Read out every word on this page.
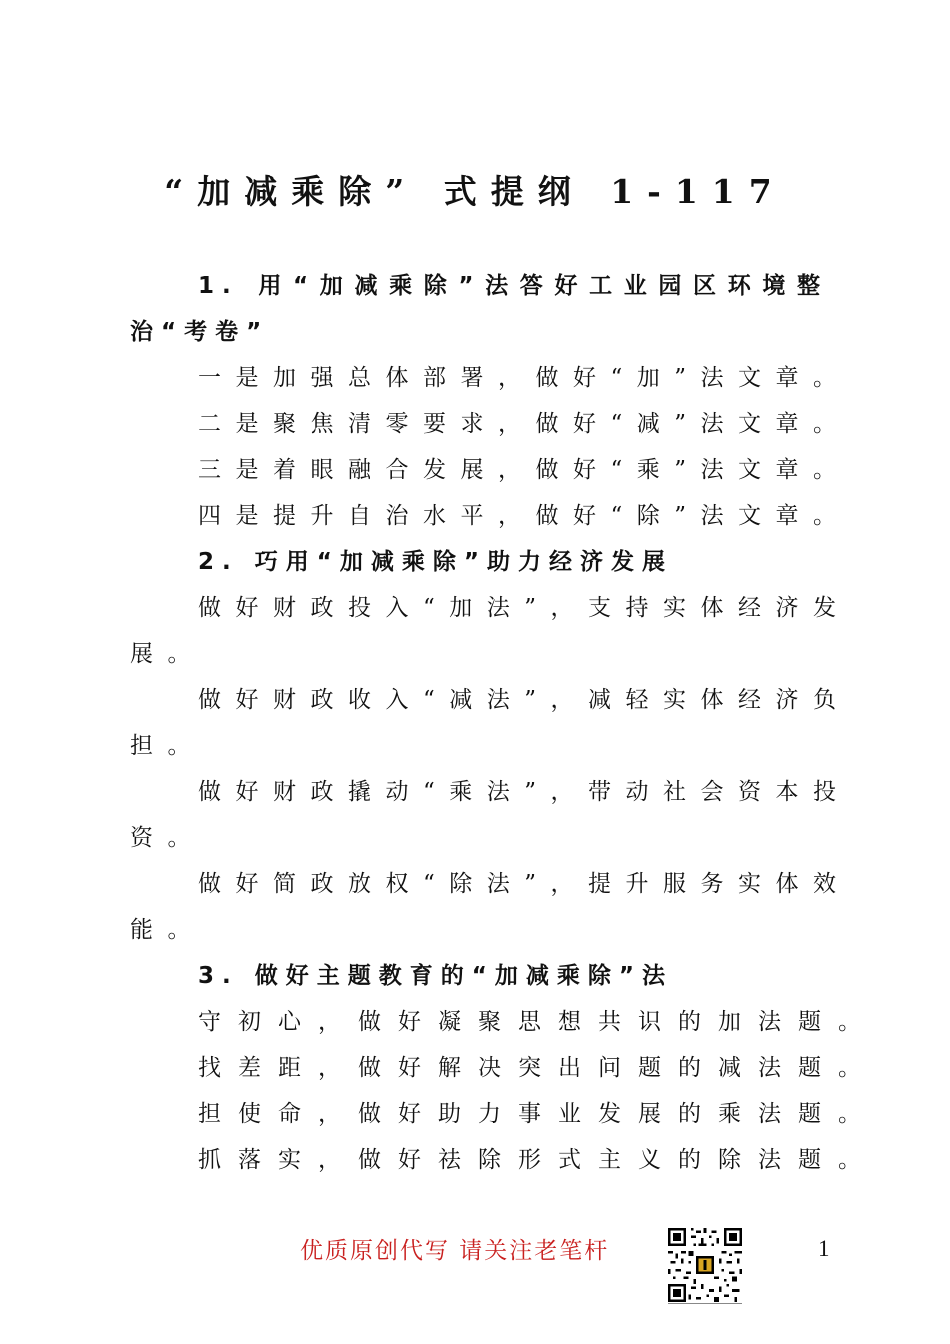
“加减乘除” 式提纲 1-117
1. 用“加减乘除”法答好工业园区环境整
治“考卷”
一是加强总体部署，做好“加”法文章。
二是聚焦清零要求，做好“减”法文章。
三是着眼融合发展，做好“乘”法文章。
四是提升自治水平，做好“除”法文章。
2. 巧用“加减乘除”助力经济发展
做好财政投入“加法”，支持实体经济发
展。
做好财政收入“减法”，减轻实体经济负
担。
做好财政撬动“乘法”，带动社会资本投
资。
做好简政放权“除法”，提升服务实体效
能。
3. 做好主题教育的“加减乘除”法
守初心，做好凝聚思想共识的加法题。
找差距，做好解决突出问题的减法题。
担使命，做好助力事业发展的乘法题。
抓落实，做好祛除形式主义的除法题。
优质原创代写 请关注老笔杆	1
